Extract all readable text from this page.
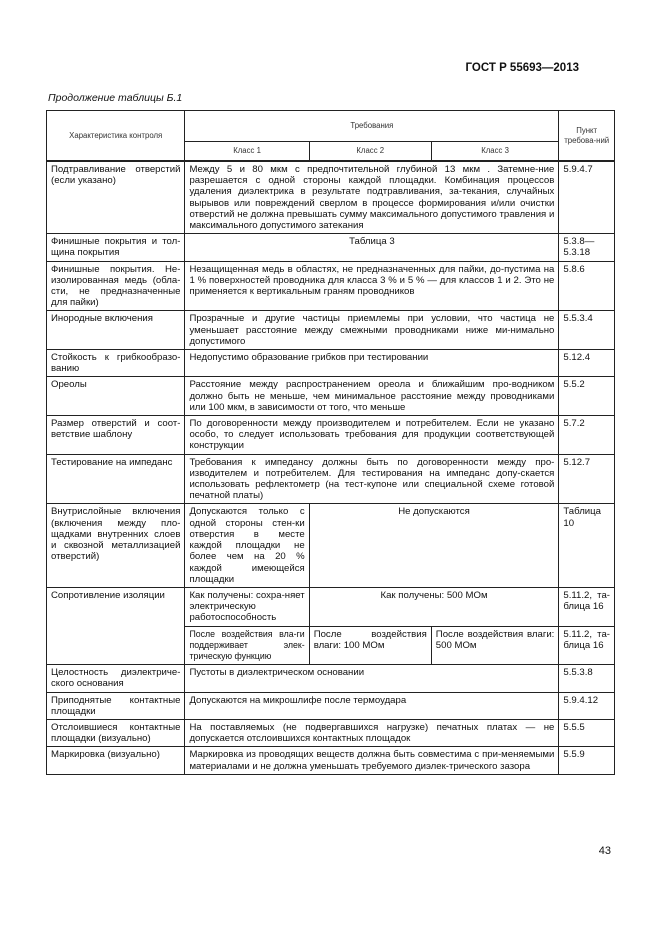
ГОСТ Р 55693—2013
Продолжение таблицы Б.1
Характеристика контроля	Требования			Пункт требова-ний
	Класс 1	Класс 2	Класс 3	
Подтравливание отверстий (если указано)	Между 5 и 80 мкм с предпочтительной глубиной 13 мкм . Затемне-ние разрешается с одной стороны каждой площадки. Комбинация процессов удаления диэлектрика в результате подтравливания, за-текания, случайных вырывов или повреждений сверлом в процессе формирования и/или очистки отверстий не должна превышать сумму максимального допустимого травления и максимального допустимого затекания			5.9.4.7
Финишные покрытия и тол-щина покрытия	Таблица 3			5.3.8— 5.3.18
Финишные покрытия. Не-изолированная медь (обла-сти, не предназначенные для пайки)	Незащищенная медь в областях, не предназначенных для пайки, до-пустима на 1 % поверхностей проводника для класса 3 % и 5 % — для классов 1 и 2. Это не применяется к вертикальным граням проводников			5.8.6
Инородные включения	Прозрачные и другие частицы приемлемы при условии, что частица не уменьшает расстояние между смежными проводниками ниже ми-нимально допустимого			5.5.3.4
Стойкость к грибкообразо-ванию	Недопустимо образование грибков при тестировании			5.12.4
Ореолы	Расстояние между распространением ореола и ближайшим про-водником должно быть не меньше, чем минимальное расстояние между проводниками или 100 мкм, в зависимости от того, что меньше			5.5.2
Размер отверстий и соот-ветствие шаблону	По договоренности между производителем и потребителем. Если не указано особо, то следует использовать требования для продукции соответствующей конструкции			5.7.2
Тестирование на импеданс	Требования к импедансу должны быть по договоренности между про-изводителем и потребителем. Для тестирования на импеданс допу-скается использовать рефлектометр (на тест-купоне или специальной схеме готовой печатной платы)			5.12.7
Внутрислойные включения (включения между пло-щадками внутренних слоев и сквозной металлизацией отверстий)	Допускаются только с одной стороны стен-ки отверстия в месте каждой площадки не более чем на 20 % каждой имеющейся площадки	Не допускаются		Таблица 10
Сопротивление изоляции	Как получены: сохра-няет электрическую работоспособность	Как получены: 500 МОм		5.11.2, та-блица 16
	После воздействия вла-ги поддерживает элек-трическую функцию	После воздействия влаги: 100 МОм	После воздействия влаги: 500 МОм	5.11.2, та-блица 16
Целостность диэлектриче-ского основания	Пустоты в диэлектрическом основании			5.5.3.8
Приподнятые контактные площадки	Допускаются на микрошлифе после термоудара			5.9.4.12
Отслоившиеся контактные площадки (визуально)	На поставляемых (не подвергавшихся нагрузке) печатных платах — не допускается отслоившихся контактных площадок			5.5.5
Маркировка (визуально)	Маркировка из проводящих веществ должна быть совместима с при-меняемыми материалами и не должна уменьшать требуемого диэлек-трического зазора			5.5.9
43
